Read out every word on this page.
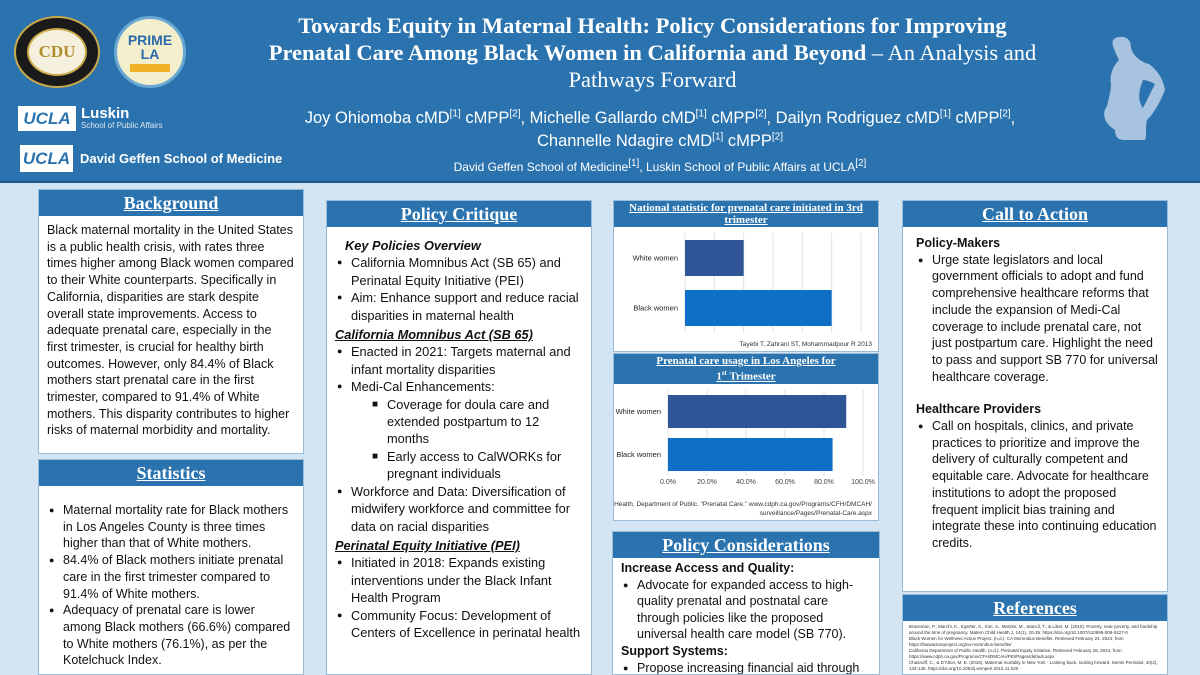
CDU
PRIME
LA
UCLA Luskin
School of Public Affairs
UCLA David Geffen School of Medicine
Towards Equity in Maternal Health: Policy Considerations for Improving Prenatal Care Among Black Women in California and Beyond – An Analysis and Pathways Forward
Joy Ohiomoba cMD[1] cMPP[2], Michelle Gallardo cMD[1] cMPP[2], Dailyn Rodriguez cMD[1] cMPP[2],
Channelle Ndagire cMD[1] cMPP[2]
David Geffen School of Medicine[1], Luskin School of Public Affairs at UCLA[2]
Background
Black maternal mortality in the United States is a public health crisis, with rates three times higher among Black women compared to their White counterparts. Specifically in California, disparities are stark despite overall state improvements. Access to adequate prenatal care, especially in the first trimester, is crucial for healthy birth outcomes. However, only 84.4% of Black mothers start prenatal care in the first trimester, compared to 91.4% of White mothers. This disparity contributes to higher risks of maternal morbidity and mortality.
Statistics
● Maternal mortality rate for Black mothers in Los Angeles County is three times higher than that of White mothers.
● 84.4% of Black mothers initiate prenatal care in the first trimester compared to 91.4% of White mothers.
● Adequacy of prenatal care is lower among Black mothers (66.6%) compared to White mothers (76.1%), as per the Kotelchuck Index.
Policy Critique
Key Policies Overview
● California Momnibus Act (SB 65) and Perinatal Equity Initiative (PEI)
● Aim: Enhance support and reduce racial disparities in maternal health
California Momnibus Act (SB 65)
● Enacted in 2021: Targets maternal and infant mortality disparities
● Medi-Cal Enhancements:
■ Coverage for doula care and extended postpartum to 12 months
■ Early access to CalWORKs for pregnant individuals
● Workforce and Data: Diversification of midwifery workforce and committee for data on racial disparities
Perinatal Equity Initiative (PEI)
● Initiated in 2018: Expands existing interventions under the Black Infant Health Program
● Community Focus: Development of Centers of Excellence in perinatal health
National statistic for prenatal care initiated in 3rd trimester
White women
Black women
Tayebi T, Zahrani ST, Mohammadpour R 2013
Prenatal care usage in Los Angeles for
1st Trimester
0.0%	20.0%	40.0%	60.0%	80.0% 100.0%
White women
Black women
Health, Department of Public. “Prenatal Care.” www.cdph.ca.gov/Programs/CFH/DMCAH/
surveillance/Pages/Prenatal-Care.aspx
Policy Considerations
Increase Access and Quality:
● Advocate for expanded access to high-quality prenatal and postnatal care through policies like the proposed universal health care model (SB 770).
Support Systems:
● Propose increasing financial aid through
Call to Action
Policy-Makers
● Urge state legislators and local government officials to adopt and fund comprehensive healthcare reforms that include the expansion of Medi-Cal coverage to include prenatal care, not just postpartum care. Highlight the need to pass and support SB 770 for universal healthcare coverage.
Healthcare Providers
● Call on hospitals, clinics, and private practices to prioritize and improve the delivery of culturally competent and equitable care. Advocate for healthcare institutions to adopt the proposed frequent implicit bias training and integrate these into continuing education credits.
References
Braveman, P., Marchi, K., Egerter, S., Kim, S., Metzler, M., Stancil, T., & Libet, M. (2010). Poverty, near-poverty, and hardship around the time of pregnancy. Matern Child Health J, 14(1), 20-35. https://doi.org/10.1007/s10995-008-0427-0
Black Women for Wellness Action Project. (n.d.). CA Momnibus Benefits. Retrieved February 24, 2024, from https://bwwactionproject.org/ca-momnibus-benefits/
California Department of Public Health. (n.d.). Perinatal Equity Initiative. Retrieved February 28, 2024, from https://www.cdph.ca.gov/Programs/CFH/DMCAH/PEI/Pages/default.aspx
Chasnoff, C., & D'Alton, M. E. (2016). Maternal mortality in New York - Looking back, looking forward. Semin Perinatol, 40(2), 133-135. https://doi.org/10.1053/j.semperi.2015.11.020
